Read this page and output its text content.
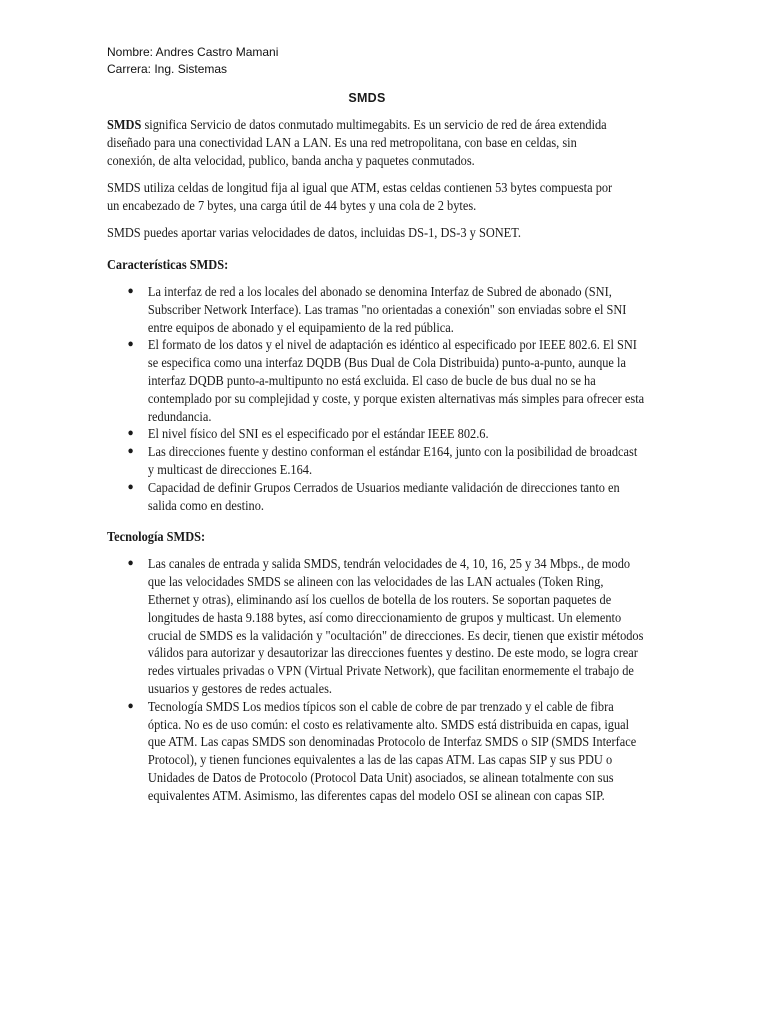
Nombre: Andres Castro Mamani
Carrera: Ing. Sistemas
SMDS

SMDS significa Servicio de datos conmutado multimegabits. Es un servicio de red de área extendida diseñado para una conectividad LAN a LAN. Es una red metropolitana, con base en celdas, sin conexión, de alta velocidad, publico, banda ancha y paquetes conmutados.

SMDS utiliza celdas de longitud fija al igual que ATM, estas celdas contienen 53 bytes compuesta por un encabezado de 7 bytes, una carga útil de 44 bytes y una cola de 2 bytes.

SMDS puedes aportar varias velocidades de datos, incluidas DS-1, DS-3 y SONET.

Características SMDS:
● La interfaz de red a los locales del abonado se denomina Interfaz de Subred de abonado (SNI, Subscriber Network Interface). Las tramas "no orientadas a conexión" son enviadas sobre el SNI entre equipos de abonado y el equipamiento de la red pública.
● El formato de los datos y el nivel de adaptación es idéntico al especificado por IEEE 802.6. El SNI se especifica como una interfaz DQDB (Bus Dual de Cola Distribuida) punto-a-punto, aunque la interfaz DQDB punto-a-multipunto no está excluida. El caso de bucle de bus dual no se ha contemplado por su complejidad y coste, y porque existen alternativas más simples para ofrecer esta redundancia.
● El nivel físico del SNI es el especificado por el estándar IEEE 802.6.
● Las direcciones fuente y destino conforman el estándar E164, junto con la posibilidad de broadcast y multicast de direcciones E.164.
● Capacidad de definir Grupos Cerrados de Usuarios mediante validación de direcciones tanto en salida como en destino.
Tecnología SMDS:
● Las canales de entrada y salida SMDS, tendrán velocidades de 4, 10, 16, 25 y 34 Mbps., de modo que las velocidades SMDS se alineen con las velocidades de las LAN actuales (Token Ring, Ethernet y otras), eliminando así los cuellos de botella de los routers. Se soportan paquetes de longitudes de hasta 9.188 bytes, así como direccionamiento de grupos y multicast. Un elemento crucial de SMDS es la validación y "ocultación" de direcciones. Es decir, tienen que existir métodos válidos para autorizar y desautorizar las direcciones fuentes y destino. De este modo, se logra crear redes virtuales privadas o VPN (Virtual Private Network), que facilitan enormemente el trabajo de usuarios y gestores de redes actuales.
● Tecnología SMDS Los medios típicos son el cable de cobre de par trenzado y el cable de fibra óptica. No es de uso común: el costo es relativamente alto. SMDS está distribuida en capas, igual que ATM. Las capas SMDS son denominadas Protocolo de Interfaz SMDS o SIP (SMDS Interface Protocol), y tienen funciones equivalentes a las de las capas ATM. Las capas SIP y sus PDU o Unidades de Datos de Protocolo (Protocol Data Unit) asociados, se alinean totalmente con sus equivalentes ATM. Asimismo, las diferentes capas del modelo OSI se alinean con capas SIP.
